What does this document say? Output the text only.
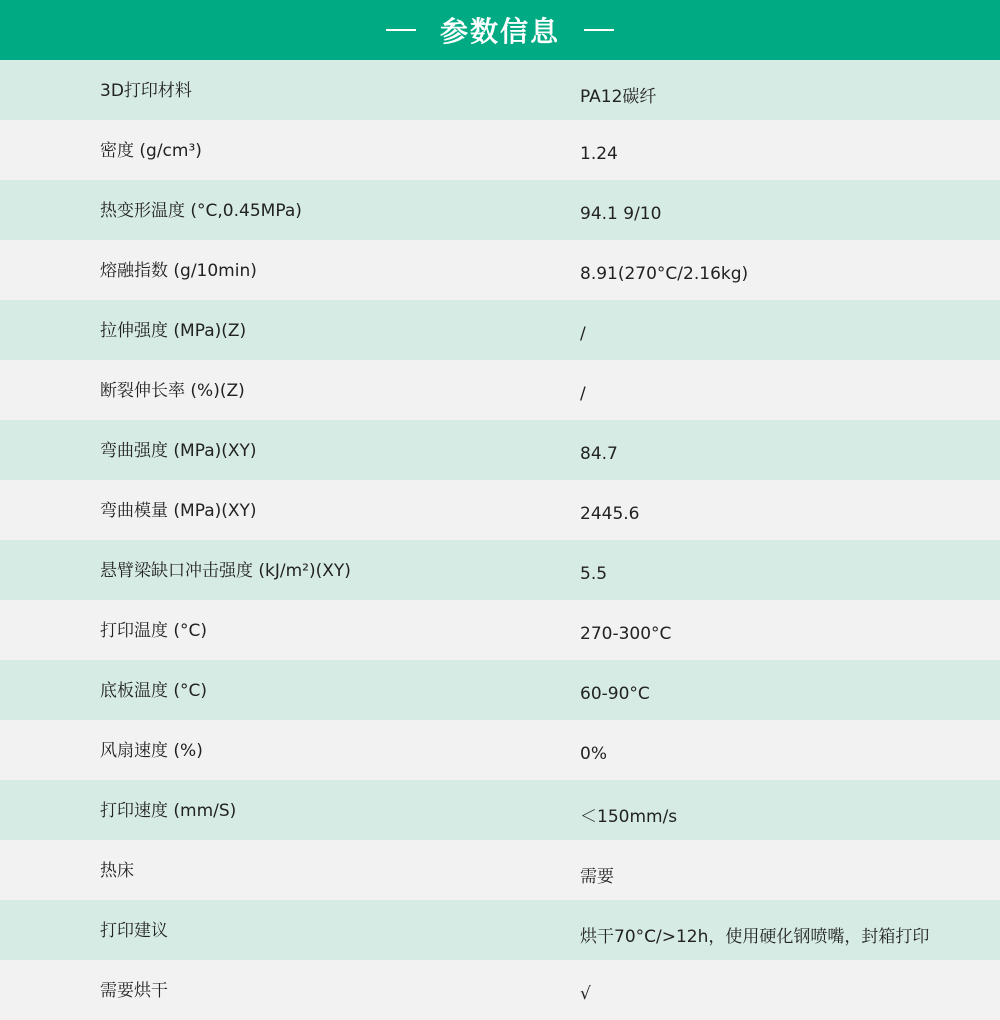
参数信息
3D打印材料	PA12碳纤
密度 (g/cm³)	1.24
热变形温度 (°C,0.45MPa)	94.1 9/10
熔融指数 (g/10min)	8.91(270°C/2.16kg)
拉伸强度 (MPa)(Z)	/
断裂伸长率 (%)(Z)	/
弯曲强度 (MPa)(XY)	84.7
弯曲模量 (MPa)(XY)	2445.6
悬臂梁缺口冲击强度 (kJ/m²)(XY)	5.5
打印温度 (°C)	270-300°C
底板温度 (°C)	60-90°C
风扇速度 (%)	0%
打印速度 (mm/S)	＜150mm/s
热床	需要
打印建议	烘干70°C/>12h，使用硬化钢喷嘴，封箱打印
需要烘干	√
